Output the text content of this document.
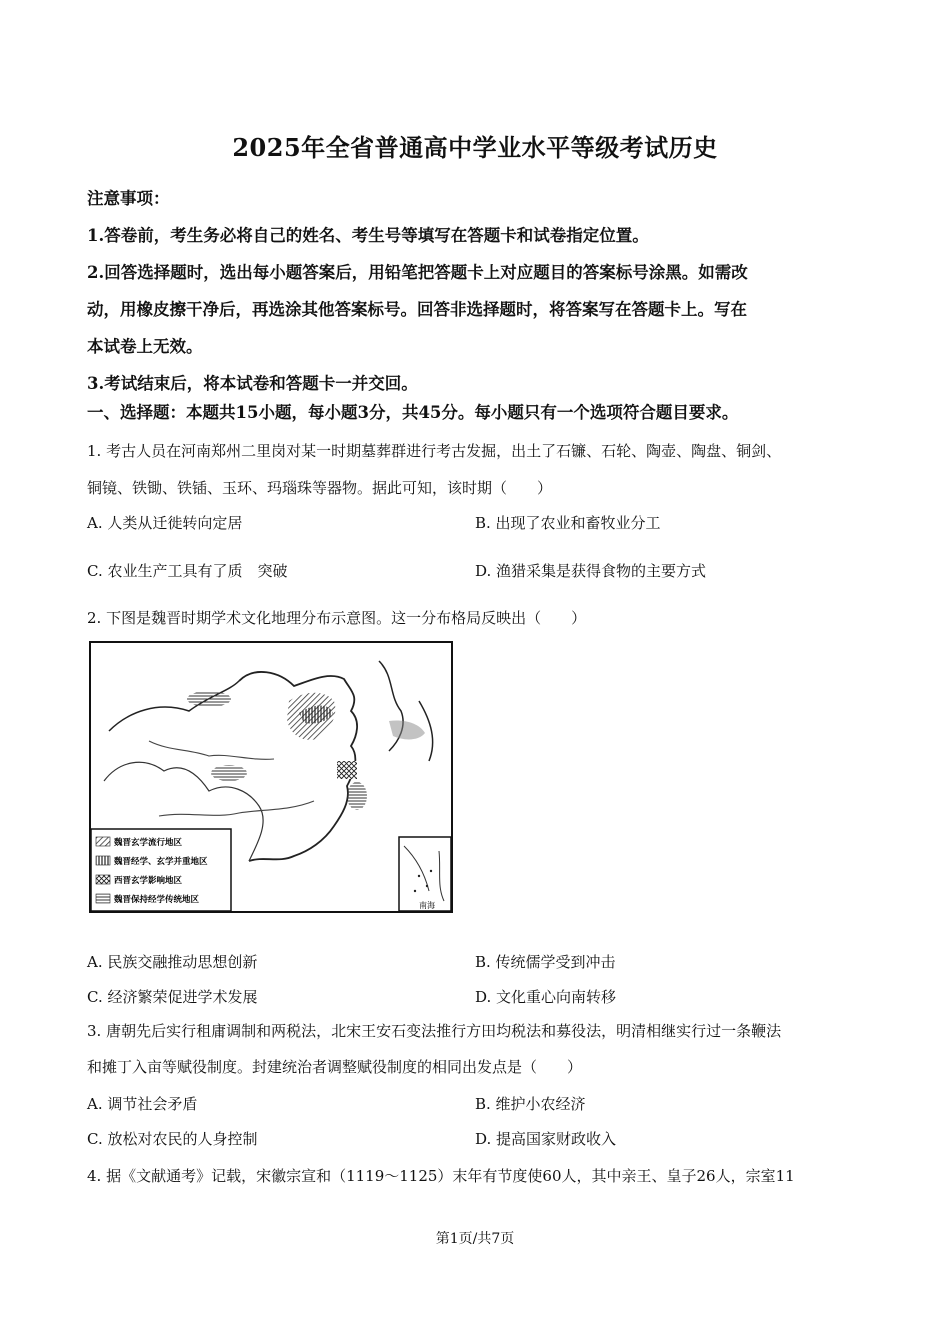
2025年全省普通高中学业水平等级考试历史
注意事项：
1.答卷前，考生务必将自己的姓名、考生号等填写在答题卡和试卷指定位置。
2.回答选择题时，选出每小题答案后，用铅笔把答题卡上对应题目的答案标号涂黑。如需改
动，用橡皮擦干净后，再选涂其他答案标号。回答非选择题时，将答案写在答题卡上。写在
本试卷上无效。
3.考试结束后，将本试卷和答题卡一并交回。
一、选择题：本题共15小题，每小题3分，共45分。每小题只有一个选项符合题目要求。
1. 考古人员在河南郑州二里岗对某一时期墓葬群进行考古发掘，出土了石镰、石轮、陶壶、陶盘、铜剑、
铜镜、铁锄、铁锸、玉环、玛瑙珠等器物。据此可知，该时期（　　）
A. 人类从迁徙转向定居	B. 出现了农业和畜牧业分工
C. 农业生产工具有了质　突破	D. 渔猎采集是获得食物的主要方式
2. 下图是魏晋时期学术文化地理分布示意图。这一分布格局反映出（　　）
魏晋玄学流行地区
魏晋经学、玄学并重地区
西晋玄学影响地区
魏晋保持经学传统地区
南海
A. 民族交融推动思想创新	B. 传统儒学受到冲击
C. 经济繁荣促进学术发展	D. 文化重心向南转移
3. 唐朝先后实行租庸调制和两税法，北宋王安石变法推行方田均税法和募役法，明清相继实行过一条鞭法
和摊丁入亩等赋役制度。封建统治者调整赋役制度的相同出发点是（　　）
A. 调节社会矛盾	B. 维护小农经济
C. 放松对农民的人身控制	D. 提高国家财政收入
4. 据《文献通考》记载，宋徽宗宣和（1119～1125）末年有节度使60人，其中亲王、皇子26人，宗室11
第1页/共7页
